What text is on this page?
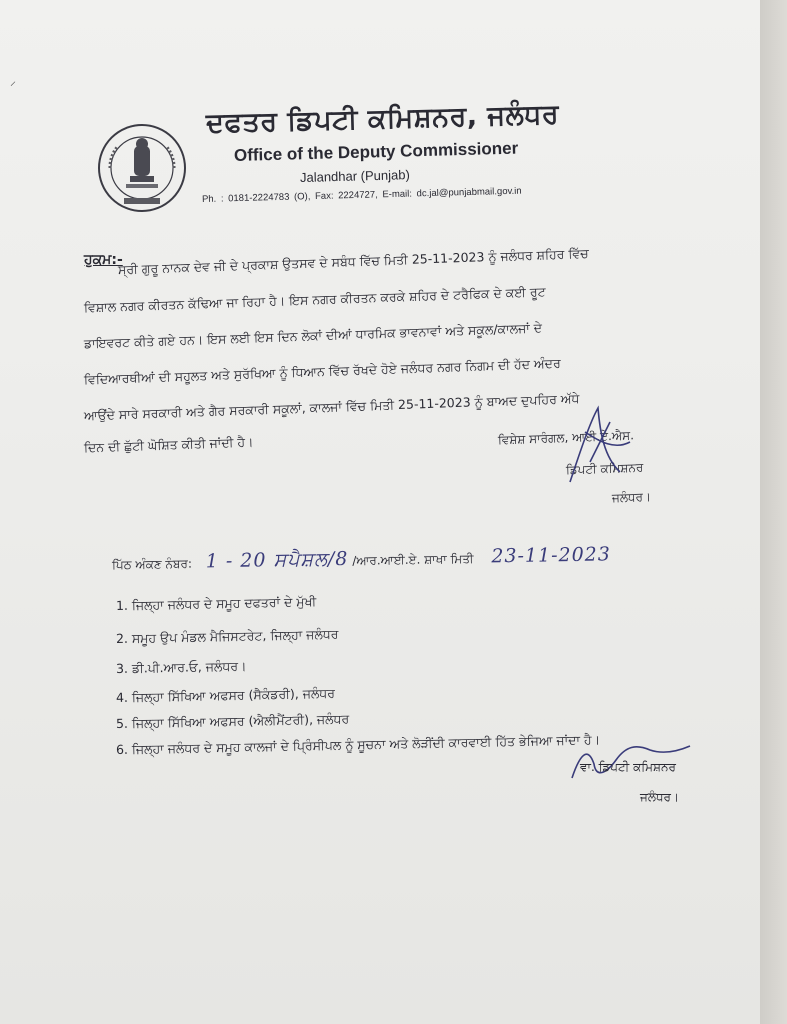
⸝
ਦਫਤਰ ਡਿਪਟੀ ਕਮਿਸ਼ਨਰ, ਜਲੰਧਰ
Office of the Deputy Commissioner
Jalandhar (Punjab)
Ph. : 0181-2224783 (O), Fax: 2224727, E-mail: dc.jal@punjabmail.gov.in
ਹੁਕਮ:-
ਸ੍ਰੀ ਗੁਰੂ ਨਾਨਕ ਦੇਵ ਜੀ ਦੇ ਪ੍ਰਕਾਸ਼ ਉਤਸਵ ਦੇ ਸਬੰਧ ਵਿੱਚ ਮਿਤੀ 25-11-2023 ਨੂੰ ਜਲੰਧਰ ਸ਼ਹਿਰ ਵਿੱਚ
ਵਿਸ਼ਾਲ ਨਗਰ ਕੀਰਤਨ ਕੱਢਿਆ ਜਾ ਰਿਹਾ ਹੈ। ਇਸ ਨਗਰ ਕੀਰਤਨ ਕਰਕੇ ਸ਼ਹਿਰ ਦੇ ਟਰੈਫਿਕ ਦੇ ਕਈ ਰੂਟ
ਡਾਇਵਰਟ ਕੀਤੇ ਗਏ ਹਨ। ਇਸ ਲਈ ਇਸ ਦਿਨ ਲੋਕਾਂ ਦੀਆਂ ਧਾਰਮਿਕ ਭਾਵਨਾਵਾਂ ਅਤੇ ਸਕੂਲ/ਕਾਲਜਾਂ ਦੇ
ਵਿਦਿਆਰਥੀਆਂ ਦੀ ਸਹੂਲਤ ਅਤੇ ਸੁਰੱਖਿਆ ਨੂੰ ਧਿਆਨ ਵਿੱਚ ਰੱਖਦੇ ਹੋਏ ਜਲੰਧਰ ਨਗਰ ਨਿਗਮ ਦੀ ਹੱਦ ਅੰਦਰ
ਆਉਂਦੇ ਸਾਰੇ ਸਰਕਾਰੀ ਅਤੇ ਗੈਰ ਸਰਕਾਰੀ ਸਕੂਲਾਂ, ਕਾਲਜਾਂ ਵਿੱਚ ਮਿਤੀ 25-11-2023 ਨੂੰ ਬਾਅਦ ਦੁਪਹਿਰ ਅੱਧੇ
ਦਿਨ ਦੀ ਛੁੱਟੀ ਘੋਸ਼ਿਤ ਕੀਤੀ ਜਾਂਦੀ ਹੈ।	ਵਿਸ਼ੇਸ਼ ਸਾਰੰਗਲ, ਆਈ.ਏ.ਐਸ.
ਡਿਪਟੀ ਕਮਿਸ਼ਨਰ
ਜਲੰਧਰ।
ਪਿੱਠ ਅੰਕਣ ਨੰਬਰ: 1 - 20 ਸਪੈਸ਼ਲ/8 /ਆਰ.ਆਈ.ਏ. ਸ਼ਾਖਾ ਮਿਤੀ 23-11-2023
1. ਜਿਲ੍ਹਾ ਜਲੰਧਰ ਦੇ ਸਮੂਹ ਦਫਤਰਾਂ ਦੇ ਮੁੱਖੀ
2. ਸਮੂਹ ਉਪ ਮੰਡਲ ਮੈਜਿਸਟਰੇਟ, ਜਿਲ੍ਹਾ ਜਲੰਧਰ
3. ਡੀ.ਪੀ.ਆਰ.ਓ, ਜਲੰਧਰ।
4. ਜਿਲ੍ਹਾ ਸਿੱਖਿਆ ਅਫਸਰ (ਸੈਕੰਡਰੀ), ਜਲੰਧਰ
5. ਜਿਲ੍ਹਾ ਸਿੱਖਿਆ ਅਫਸਰ (ਐਲੀਮੈਂਟਰੀ), ਜਲੰਧਰ
6. ਜਿਲ੍ਹਾ ਜਲੰਧਰ ਦੇ ਸਮੂਹ ਕਾਲਜਾਂ ਦੇ ਪ੍ਰਿੰਸੀਪਲ ਨੂੰ ਸੂਚਨਾ ਅਤੇ ਲੋੜੀਂਦੀ ਕਾਰਵਾਈ ਹਿੱਤ ਭੇਜਿਆ ਜਾਂਦਾ ਹੈ।
ਵਾ. ਡਿਪਟੀ ਕਮਿਸ਼ਨਰ
ਜਲੰਧਰ।
